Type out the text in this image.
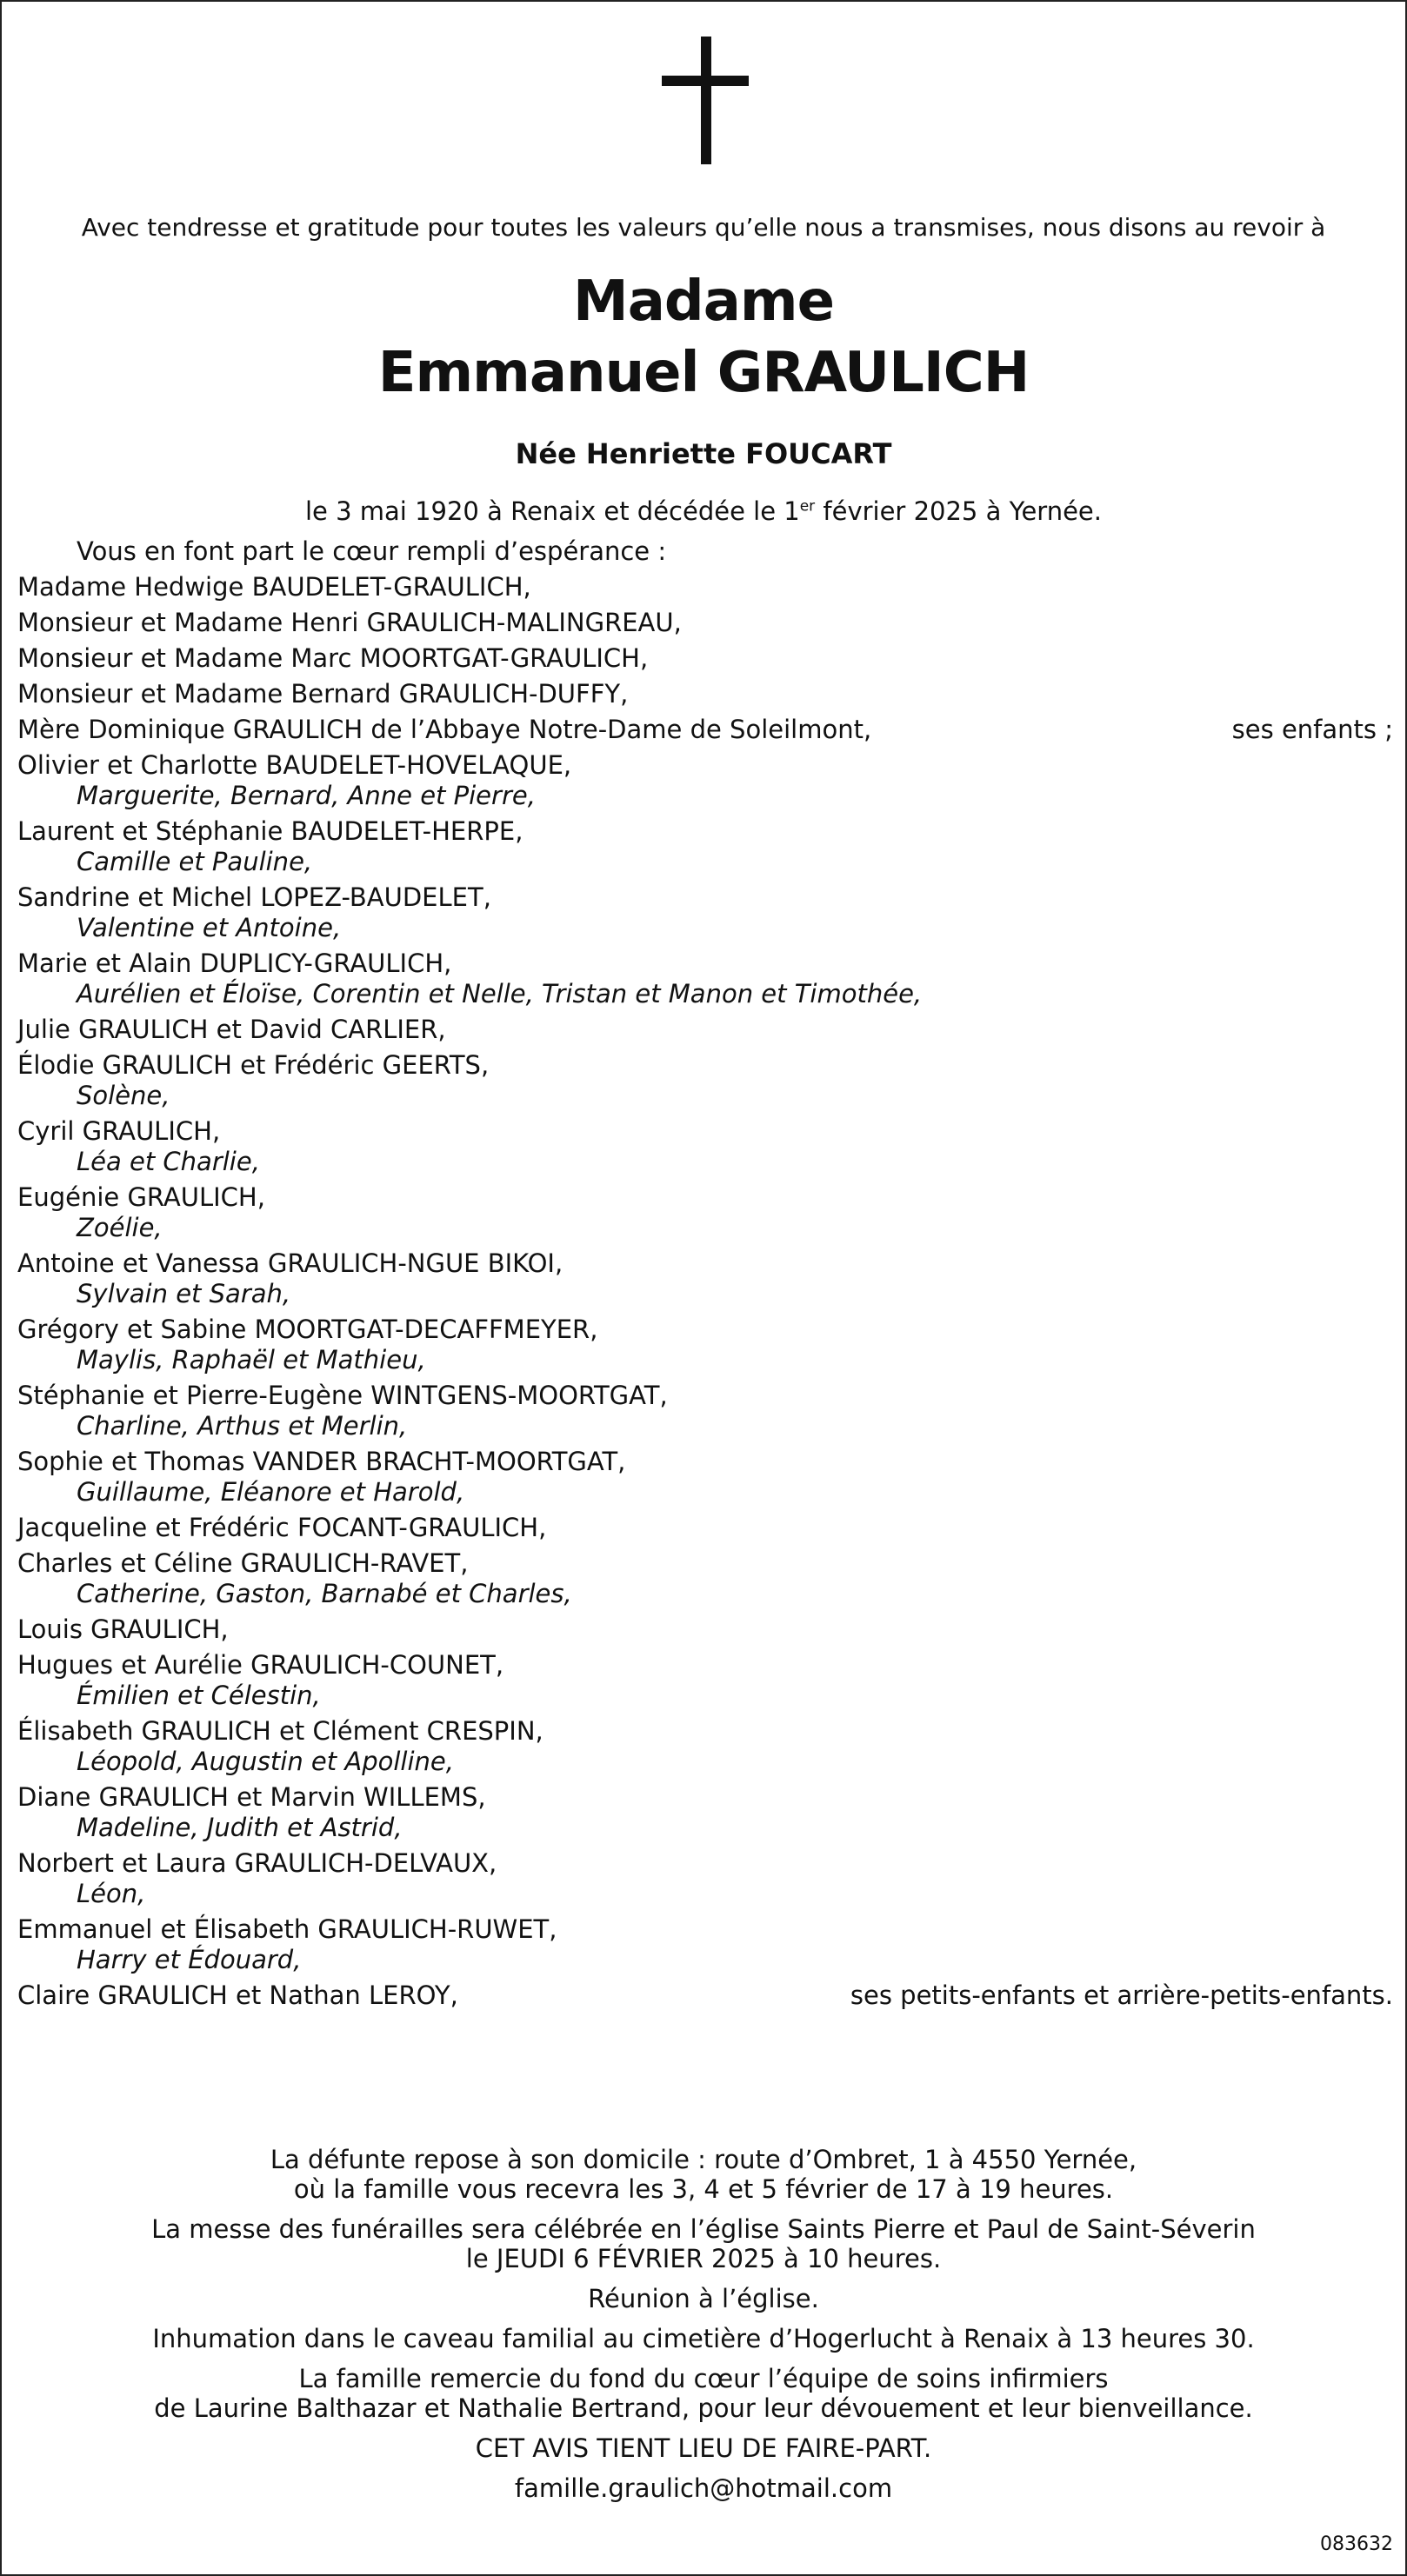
Avec tendresse et gratitude pour toutes les valeurs qu’elle nous a transmises, nous disons au revoir à
Madame
Emmanuel GRAULICH
Née Henriette FOUCART
le 3 mai 1920 à Renaix et décédée le 1er février 2025 à Yernée.
Vous en font part le cœur rempli d’espérance :
Madame Hedwige BAUDELET-GRAULICH,
Monsieur et Madame Henri GRAULICH-MALINGREAU,
Monsieur et Madame Marc MOORTGAT-GRAULICH,
Monsieur et Madame Bernard GRAULICH-DUFFY,
Mère Dominique GRAULICH de l’Abbaye Notre-Dame de Soleilmont,	ses enfants ;
Olivier et Charlotte BAUDELET-HOVELAQUE,
Marguerite, Bernard, Anne et Pierre,
Laurent et Stéphanie BAUDELET-HERPE,
Camille et Pauline,
Sandrine et Michel LOPEZ-BAUDELET,
Valentine et Antoine,
Marie et Alain DUPLICY-GRAULICH,
Aurélien et Éloïse, Corentin et Nelle, Tristan et Manon et Timothée,
Julie GRAULICH et David CARLIER,
Élodie GRAULICH et Frédéric GEERTS,
Solène,
Cyril GRAULICH,
Léa et Charlie,
Eugénie GRAULICH,
Zoélie,
Antoine et Vanessa GRAULICH-NGUE BIKOI,
Sylvain et Sarah,
Grégory et Sabine MOORTGAT-DECAFFMEYER,
Maylis, Raphaël et Mathieu,
Stéphanie et Pierre-Eugène WINTGENS-MOORTGAT,
Charline, Arthus et Merlin,
Sophie et Thomas VANDER BRACHT-MOORTGAT,
Guillaume, Eléanore et Harold,
Jacqueline et Frédéric FOCANT-GRAULICH,
Charles et Céline GRAULICH-RAVET,
Catherine, Gaston, Barnabé et Charles,
Louis GRAULICH,
Hugues et Aurélie GRAULICH-COUNET,
Émilien et Célestin,
Élisabeth GRAULICH et Clément CRESPIN,
Léopold, Augustin et Apolline,
Diane GRAULICH et Marvin WILLEMS,
Madeline, Judith et Astrid,
Norbert et Laura GRAULICH-DELVAUX,
Léon,
Emmanuel et Élisabeth GRAULICH-RUWET,
Harry et Édouard,
Claire GRAULICH et Nathan LEROY,	ses petits-enfants et arrière-petits-enfants.
La défunte repose à son domicile : route d’Ombret, 1 à 4550 Yernée,
où la famille vous recevra les 3, 4 et 5 février de 17 à 19 heures.
La messe des funérailles sera célébrée en l’église Saints Pierre et Paul de Saint-Séverin
le JEUDI 6 FÉVRIER 2025 à 10 heures.
Réunion à l’église.
Inhumation dans le caveau familial au cimetière d’Hogerlucht à Renaix à 13 heures 30.
La famille remercie du fond du cœur l’équipe de soins infirmiers
de Laurine Balthazar et Nathalie Bertrand, pour leur dévouement et leur bienveillance.
CET AVIS TIENT LIEU DE FAIRE-PART.
famille.graulich@hotmail.com
083632
